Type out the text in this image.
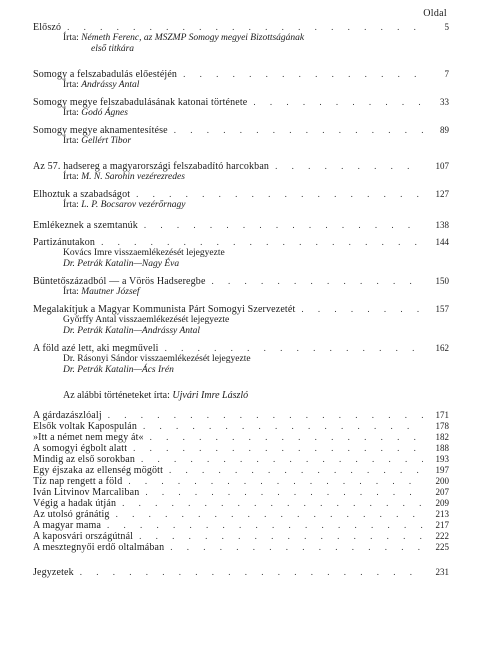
Oldal
Előszó . . .	5
Írta: Németh Ferenc, az MSZMP Somogy megyei Bizottságának
első titkára
Somogy a felszabadulás előestéjén . . .	7
Írta: Andrássy Antal
Somogy megye felszabadulásának katonai története . . .	33
Írta: Godó Ágnes
Somogy megye aknamentesítése . . .	89
Írta: Gellért Tibor
Az 57. hadsereg a magyarországi felszabadító harcokban . . .	107
Írta: M. N. Sarohin vezérezredes
Elhoztuk a szabadságot . . .	127
Írta: L. P. Bocsarov vezérőrnagy
Emlékeznek a szemtanúk . . .	138
Partizánutakon . . .	144
Kovács Imre visszaemlékezését lejegyezte
Dr. Petrák Katalin—Nagy Éva
Büntetőszázadból — a Vörös Hadseregbe . . .	150
Írta: Mautner József
Megalakítjuk a Magyar Kommunista Párt Somogyi Szervezetét . . .	157
Győrffy Antal visszaemlékezését lejegyezte
Dr. Petrák Katalin—Andrássy Antal
A föld azé lett, aki megműveli . . .	162
Dr. Rásonyi Sándor visszaemlékezését lejegyezte
Dr. Petrák Katalin—Ács Irén
Az alábbi történeteket írta: Ujvári Imre László
A gárdazászlóalj . . .	171
Elsők voltak Kapospulán . . .	178
»Itt a német nem megy át« . . .	182
A somogyi égbolt alatt . . .	188
Mindig az első sorokban . . .	193
Egy éjszaka az ellenség mögött . . .	197
Tíz nap rengett a föld . . .	200
Iván Litvinov Marcaliban . . .	207
Végig a hadak útján . . .	209
Az utolsó gránátig . . .	213
A magyar mama . . .	217
A kaposvári országútnál . . .	222
A mesztegnyői erdő oltalmában . . .	225
Jegyzetek . . .	231
